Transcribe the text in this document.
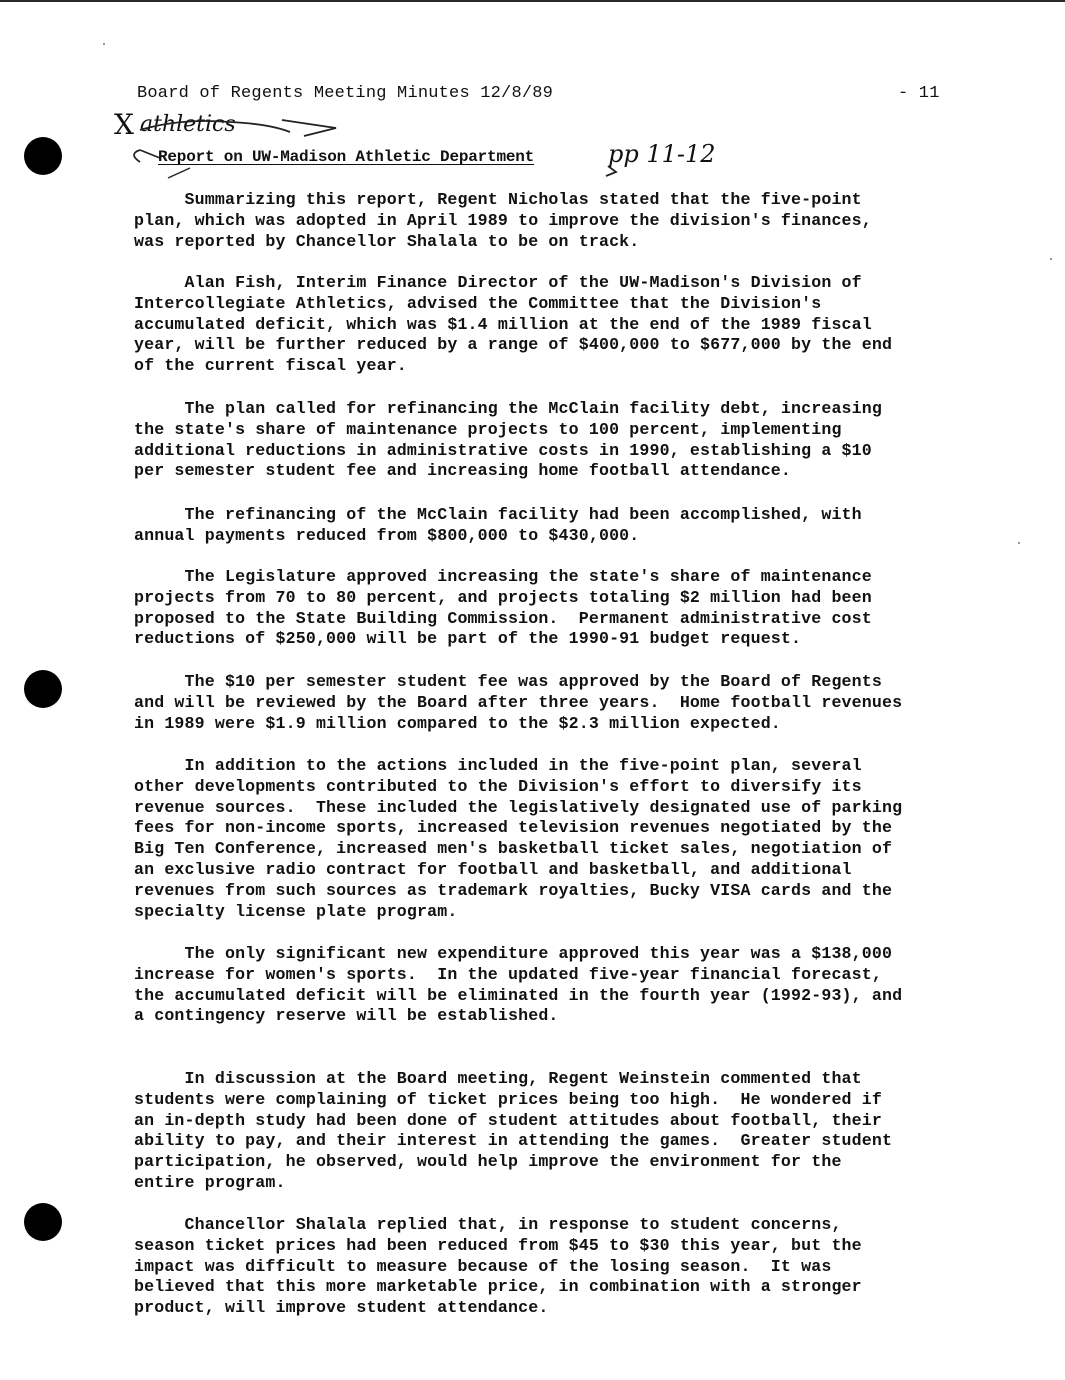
Board of Regents Meeting Minutes 12/8/89	- 11
X athletics
pp 11-12
Report on UW-Madison Athletic Department

Summarizing this report, Regent Nicholas stated that the five-point
plan, which was adopted in April 1989 to improve the division's finances,
was reported by Chancellor Shalala to be on track.

Alan Fish, Interim Finance Director of the UW-Madison's Division of
Intercollegiate Athletics, advised the Committee that the Division's
accumulated deficit, which was $1.4 million at the end of the 1989 fiscal
year, will be further reduced by a range of $400,000 to $677,000 by the end
of the current fiscal year.

The plan called for refinancing the McClain facility debt, increasing
the state's share of maintenance projects to 100 percent, implementing
additional reductions in administrative costs in 1990, establishing a $10
per semester student fee and increasing home football attendance.

The refinancing of the McClain facility had been accomplished, with
annual payments reduced from $800,000 to $430,000.

The Legislature approved increasing the state's share of maintenance
projects from 70 to 80 percent, and projects totaling $2 million had been
proposed to the State Building Commission.  Permanent administrative cost
reductions of $250,000 will be part of the 1990-91 budget request.

The $10 per semester student fee was approved by the Board of Regents
and will be reviewed by the Board after three years.  Home football revenues
in 1989 were $1.9 million compared to the $2.3 million expected.

In addition to the actions included in the five-point plan, several
other developments contributed to the Division's effort to diversify its
revenue sources.  These included the legislatively designated use of parking
fees for non-income sports, increased television revenues negotiated by the
Big Ten Conference, increased men's basketball ticket sales, negotiation of
an exclusive radio contract for football and basketball, and additional
revenues from such sources as trademark royalties, Bucky VISA cards and the
specialty license plate program.

The only significant new expenditure approved this year was a $138,000
increase for women's sports.  In the updated five-year financial forecast,
the accumulated deficit will be eliminated in the fourth year (1992-93), and
a contingency reserve will be established.

In discussion at the Board meeting, Regent Weinstein commented that
students were complaining of ticket prices being too high.  He wondered if
an in-depth study had been done of student attitudes about football, their
ability to pay, and their interest in attending the games.  Greater student
participation, he observed, would help improve the environment for the
entire program.

Chancellor Shalala replied that, in response to student concerns,
season ticket prices had been reduced from $45 to $30 this year, but the
impact was difficult to measure because of the losing season.  It was
believed that this more marketable price, in combination with a stronger
product, will improve student attendance.
